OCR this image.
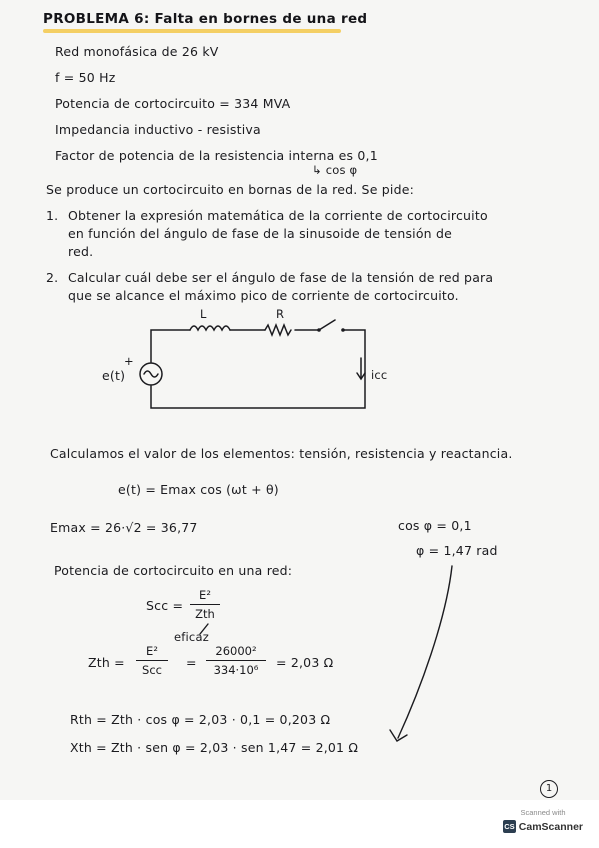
PROBLEMA 6: Falta en bornes de una red
Red monofásica de 26 kV
f = 50 Hz
Potencia de cortocircuito = 334 MVA
Impedancia inductivo - resistiva
Factor de potencia de la resistencia interna es 0,1
↳ cos φ
Se produce un cortocircuito en bornas de la red. Se pide:
1. Obtener la expresión matemática de la corriente de cortocircuito
en función del ángulo de fase de la sinusoide de tensión de
red.
2. Calcular cuál debe ser el ángulo de fase de la tensión de red para
que se alcance el máximo pico de corriente de cortocircuito.
L	R
+
e(t)	icc
Calculamos el valor de los elementos: tensión, resistencia y reactancia.
e(t) = Emax cos (ωt + θ)
Emax = 26·√2 = 36,77	cos φ = 0,1
φ = 1,47 rad
Potencia de cortocircuito en una red:
Scc =
E²
Zth
eficaz
Zth =
E²
Scc	=
26000²
334·10⁶	= 2,03 Ω
Rth = Zth · cos φ = 2,03 · 0,1 = 0,203 Ω
Xth = Zth · sen φ = 2,03 · sen 1,47 = 2,01 Ω
1
Scanned with
CS CamScanner
